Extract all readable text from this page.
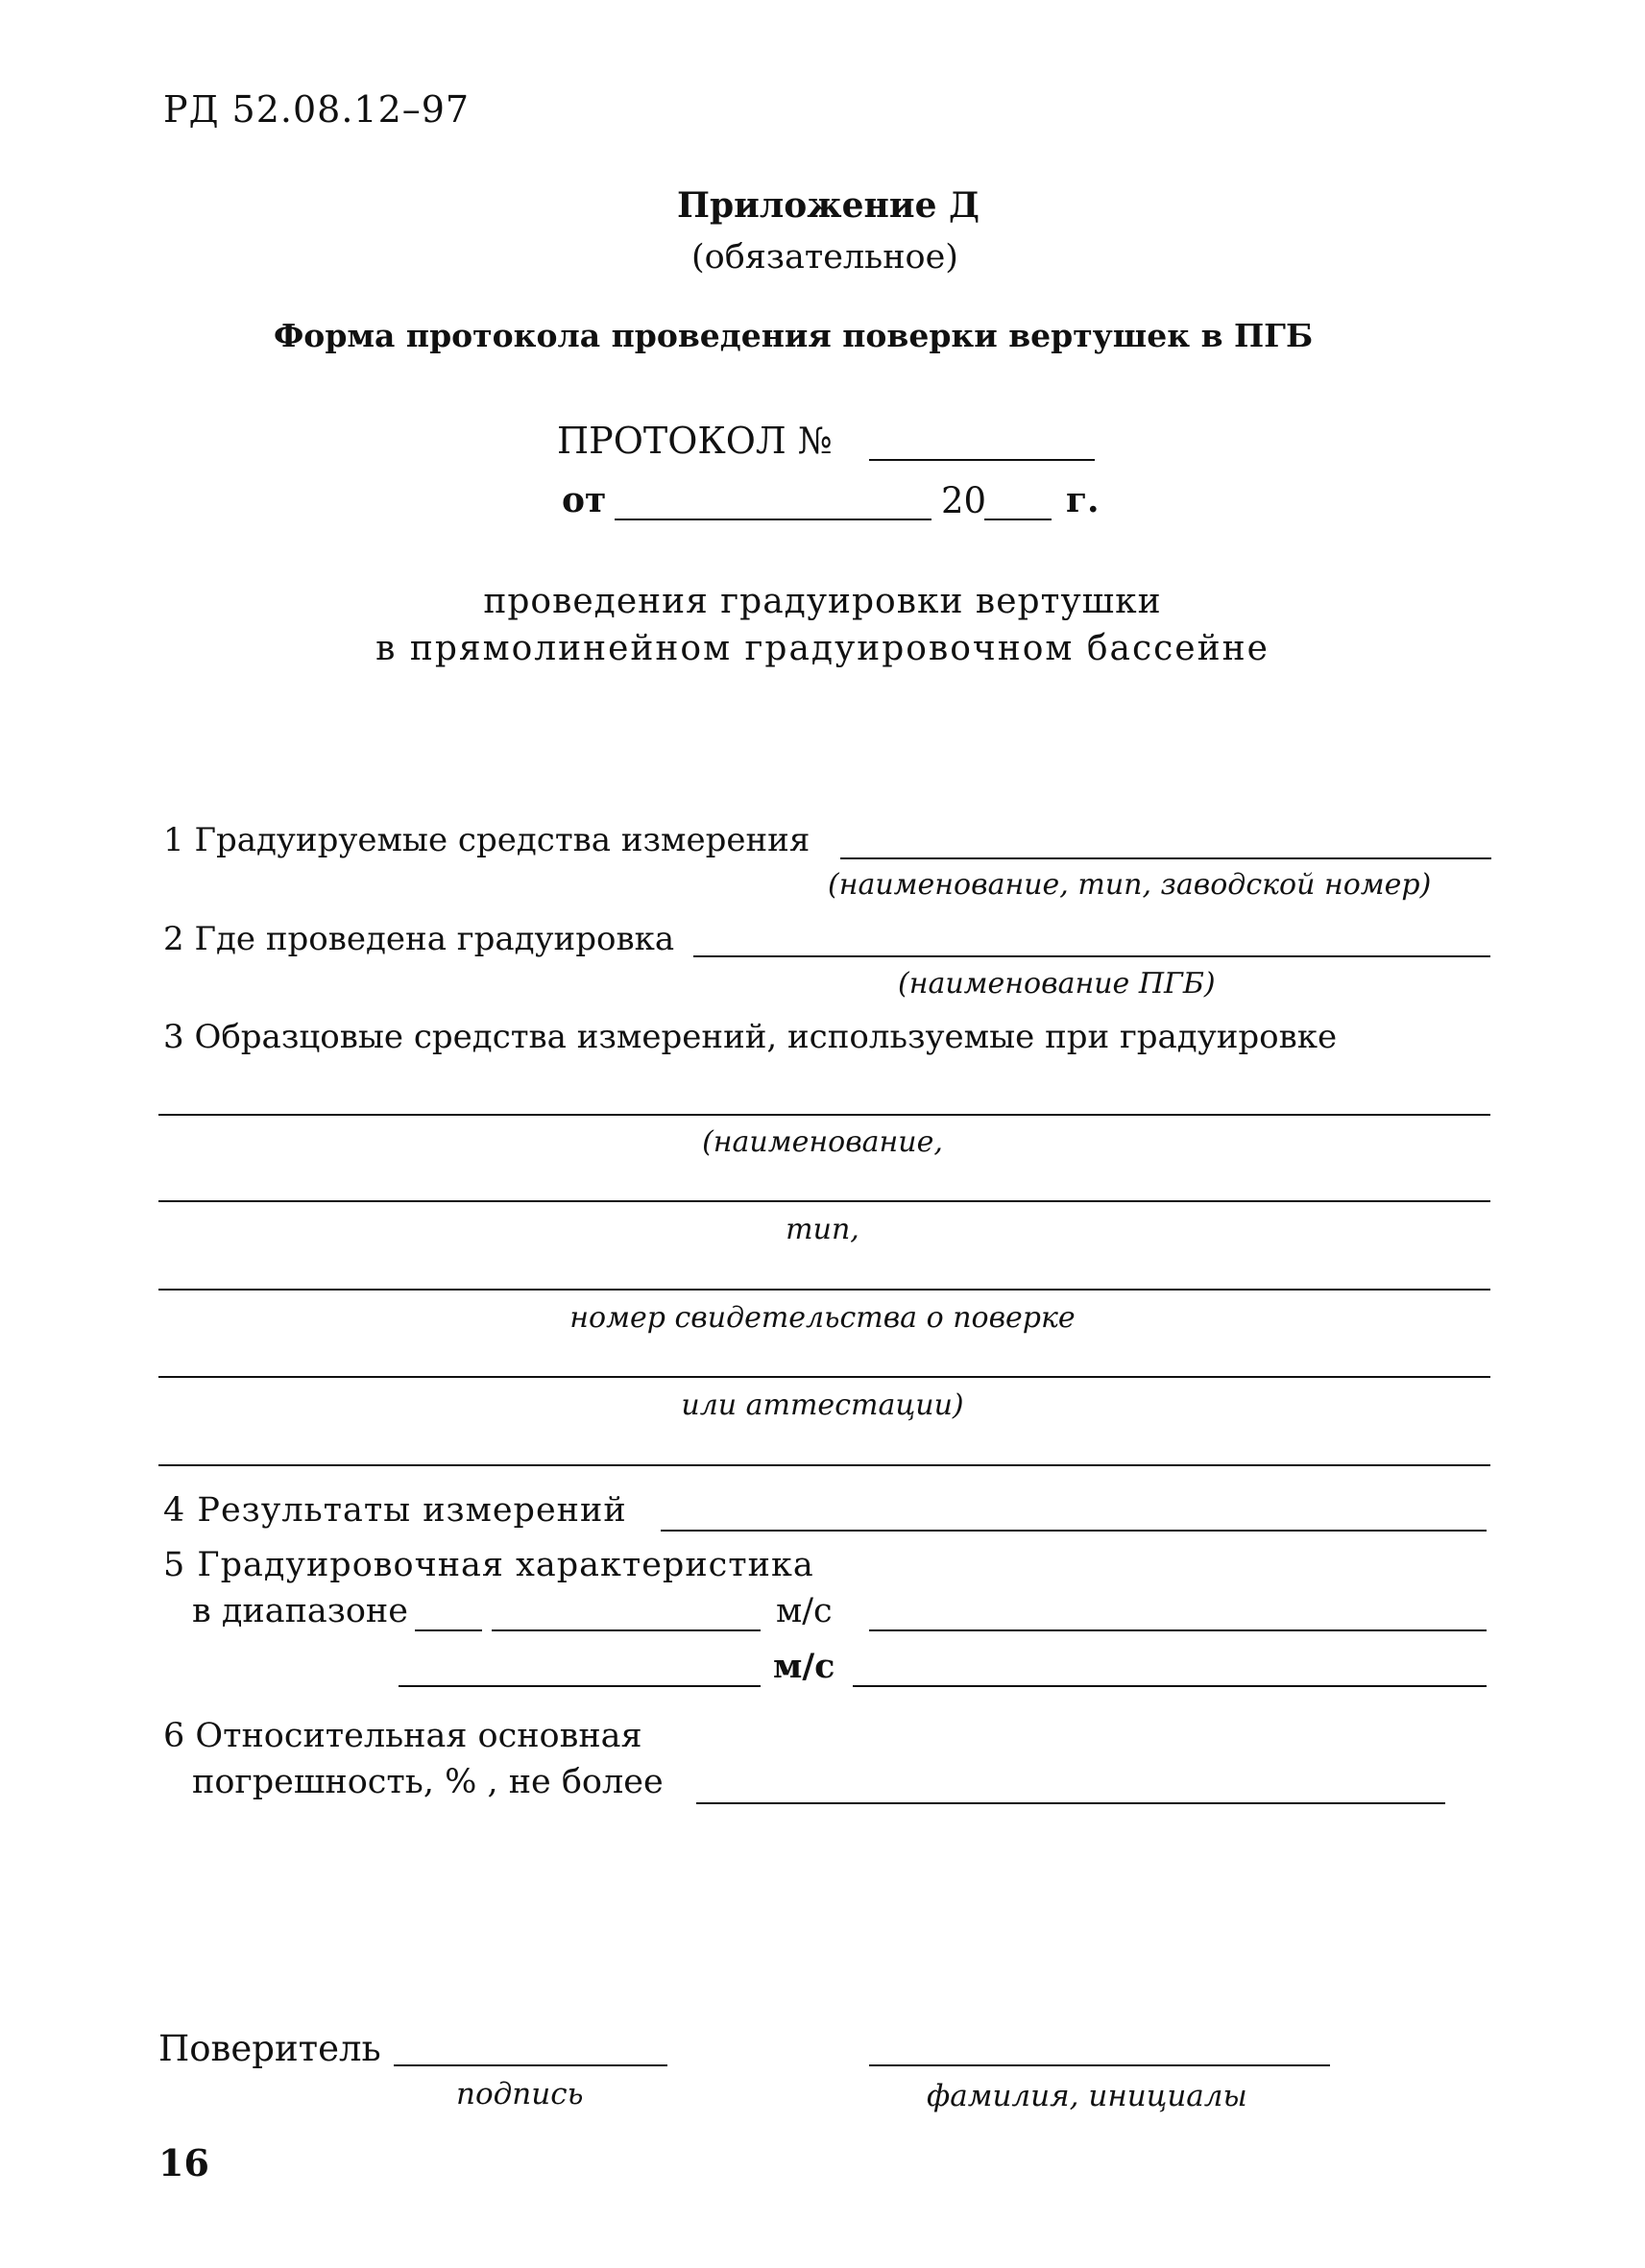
РД 52.08.12–97
Приложение Д
(обязательное)
Форма протокола проведения поверки вертушек в ПГБ
ПРОТОКОЛ №
от	20 г.
проведения градуировки вертушки
в прямолинейном градуировочном бассейне
1 Градуируемые средства измерения
(наименование, тип, заводской номер)
2 Где проведена градуировка
(наименование ПГБ)
3 Образцовые средства измерений, используемые при градуировке
(наименование,
тип,
номер свидетельства о поверке
или аттестации)
4 Результаты измерений
5 Градуировочная характеристика
в диапазоне	м/с
м/с
6 Относительная основная
погрешность, % , не более
Поверитель
подпись	фамилия, инициалы
16
